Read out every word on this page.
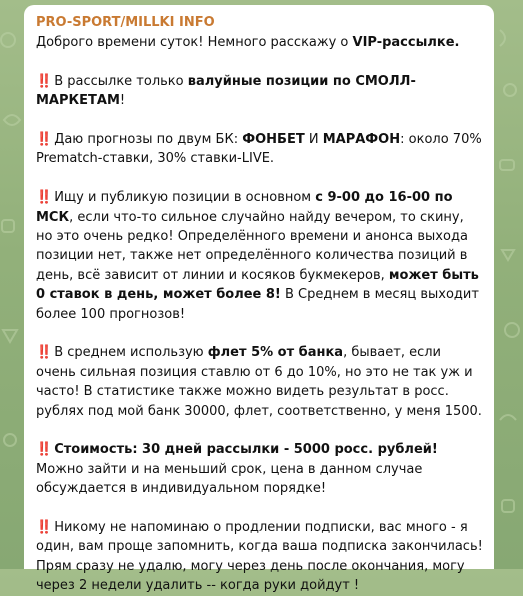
PRO-SPORT/MILLKI INFO

Доброго времени суток! Немного расскажу о VIP-рассылке.

‼️ В рассылке только валуйные позиции по СМОЛЛ-МАРКЕТАМ!

‼️ Даю прогнозы по двум БК: ФОНБЕТ И МАРАФОН: около 70% Prematch-ставки, 30% ставки-LIVE.

‼️ Ищу и публикую позиции в основном с 9-00 до 16-00 по МСК, если что-то сильное случайно найду вечером, то скину, но это очень редко! Определённого времени и анонса выхода позиции нет, также нет определённого количества позиций в день, всё зависит от линии и косяков букмекеров, может быть 0 ставок в день, может более 8! В Среднем в месяц выходит более 100 прогнозов!

‼️ В среднем использую флет 5% от банка, бывает, если очень сильная позиция ставлю от 6 до 10%, но это не так уж и часто! В статистике также можно видеть результат в росс. рублях под мой банк 30000, флет, соответственно, у меня 1500.

‼️ Стоимость: 30 дней рассылки - 5000 росс. рублей! Можно зайти и на меньший срок, цена в данном случае обсуждается в индивидуальном порядке!

‼️ Никому не напоминаю о продлении подписки, вас много - я один, вам проще запомнить, когда ваша подписка закончилась! Прям сразу не удалю, могу через день после окончания, могу через 2 недели удалить -- когда руки дойдут !
